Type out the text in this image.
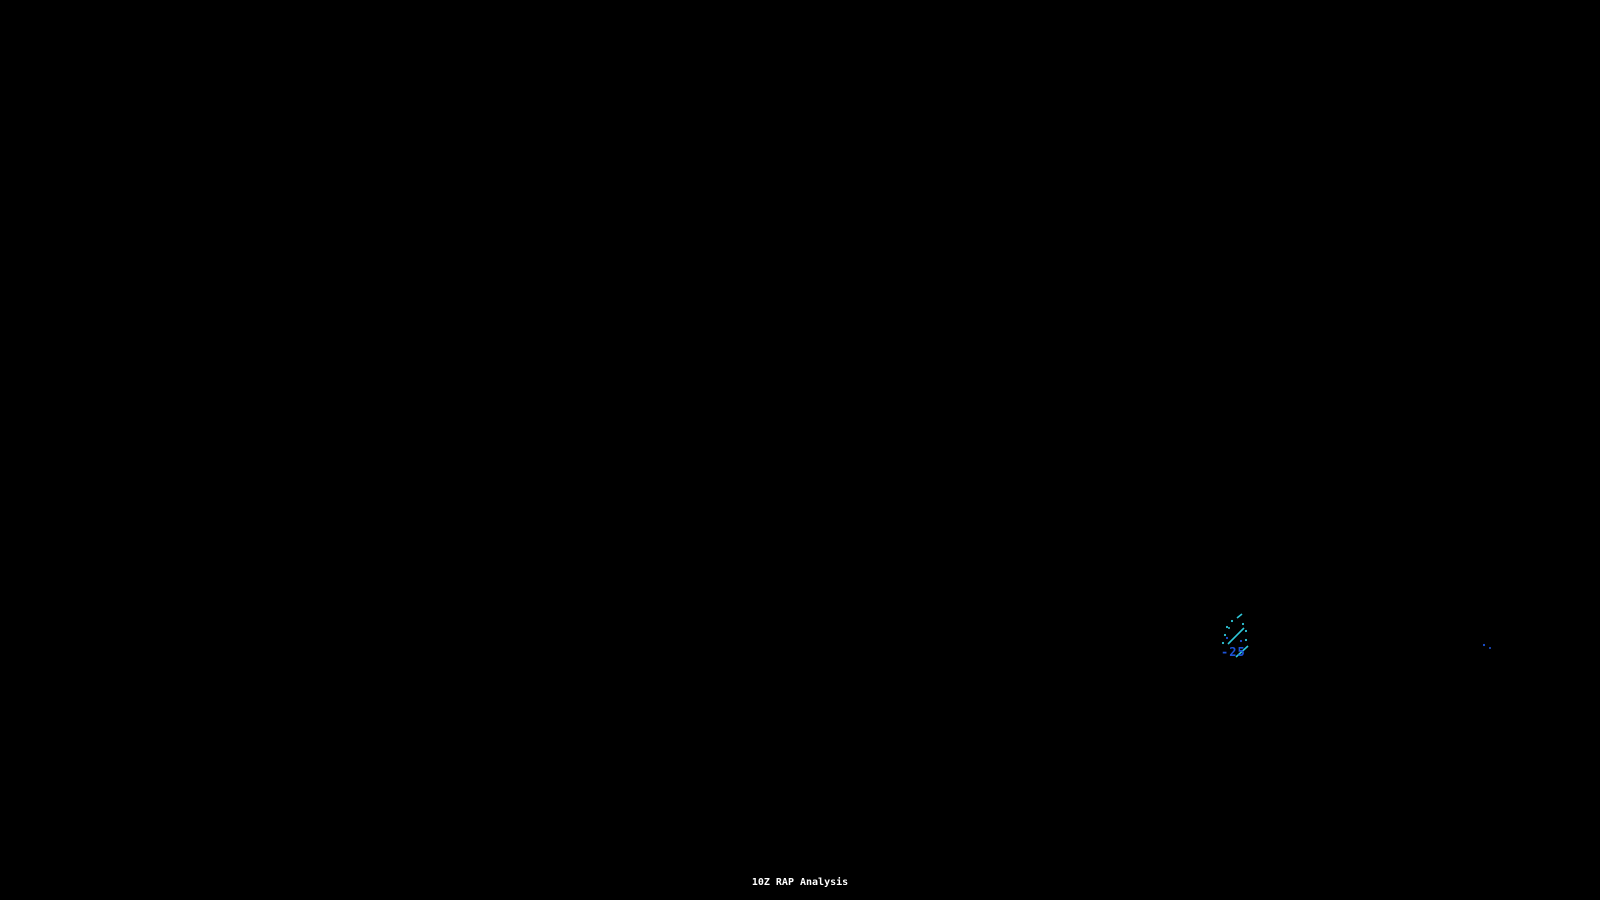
-25
10Z RAP Analysis
